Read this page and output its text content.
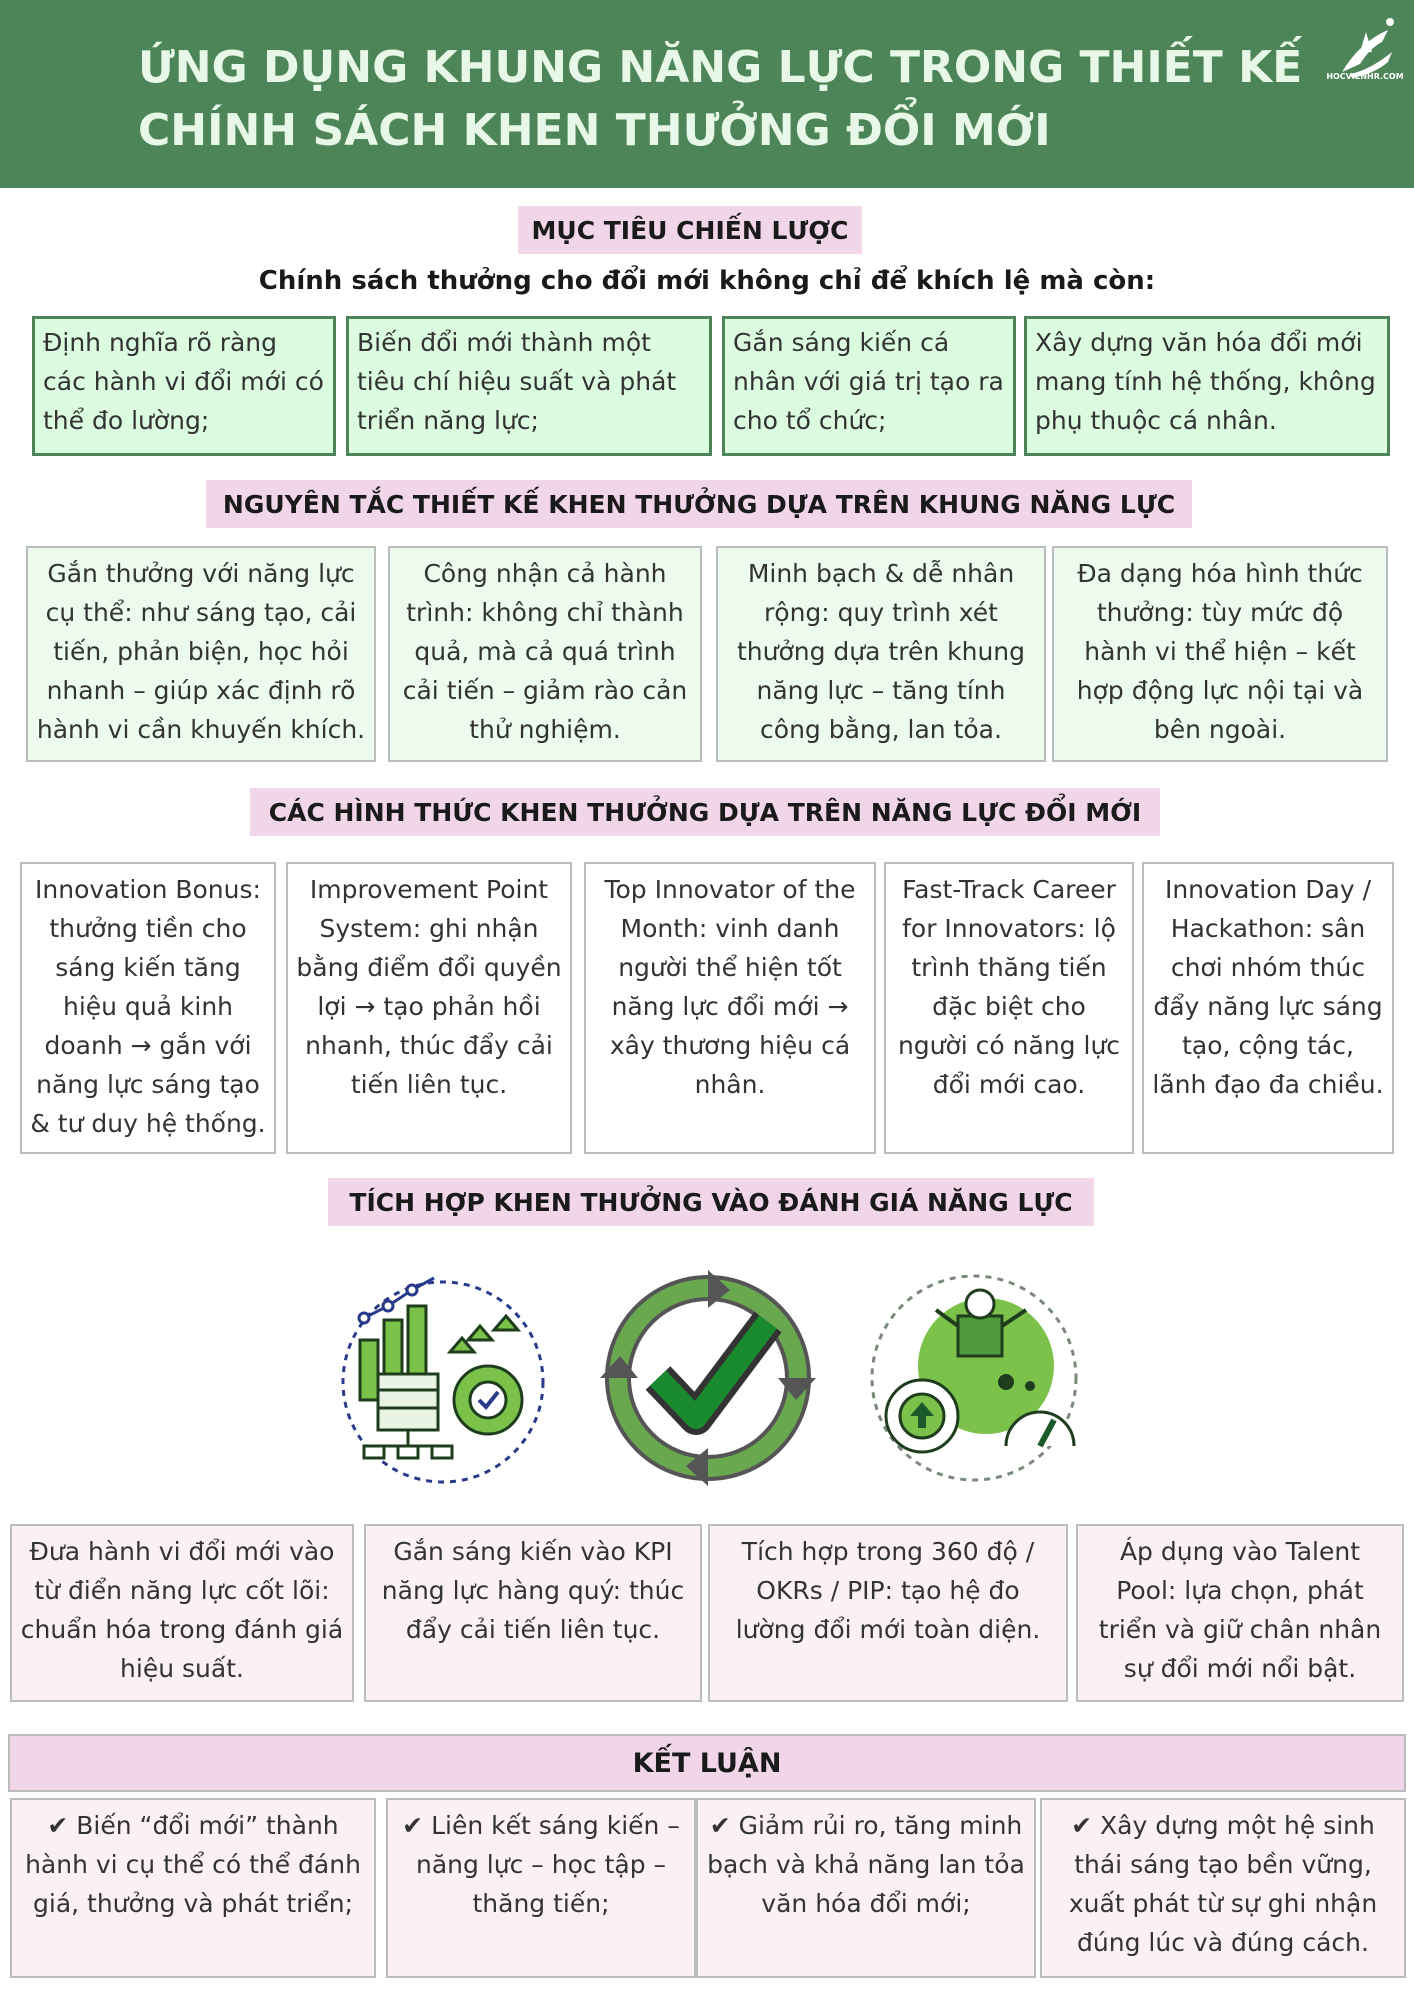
ỨNG DỤNG KHUNG NĂNG LỰC TRONG THIẾT KẾ
CHÍNH SÁCH KHEN THƯỞNG ĐỔI MỚI
HOCVIENHR.COM
MỤC TIÊU CHIẾN LƯỢC
Chính sách thưởng cho đổi mới không chỉ để khích lệ mà còn:
Định nghĩa rõ ràng các hành vi đổi mới có thể đo lường;
Biến đổi mới thành một tiêu chí hiệu suất và phát triển năng lực;
Gắn sáng kiến cá nhân với giá trị tạo ra cho tổ chức;
Xây dựng văn hóa đổi mới mang tính hệ thống, không phụ thuộc cá nhân.
NGUYÊN TẮC THIẾT KẾ KHEN THƯỞNG DỰA TRÊN KHUNG NĂNG LỰC
Gắn thưởng với năng lực cụ thể: như sáng tạo, cải tiến, phản biện, học hỏi nhanh – giúp xác định rõ hành vi cần khuyến khích.
Công nhận cả hành trình: không chỉ thành quả, mà cả quá trình cải tiến – giảm rào cản thử nghiệm.
Minh bạch & dễ nhân rộng: quy trình xét thưởng dựa trên khung năng lực – tăng tính công bằng, lan tỏa.
Đa dạng hóa hình thức thưởng: tùy mức độ hành vi thể hiện – kết hợp động lực nội tại và bên ngoài.
CÁC HÌNH THỨC KHEN THƯỞNG DỰA TRÊN NĂNG LỰC ĐỔI MỚI
Innovation Bonus: thưởng tiền cho sáng kiến tăng hiệu quả kinh doanh → gắn với năng lực sáng tạo & tư duy hệ thống.
Improvement Point System: ghi nhận bằng điểm đổi quyền lợi → tạo phản hồi nhanh, thúc đẩy cải tiến liên tục.
Top Innovator of the Month: vinh danh người thể hiện tốt năng lực đổi mới → xây thương hiệu cá nhân.
Fast-Track Career for Innovators: lộ trình thăng tiến đặc biệt cho người có năng lực đổi mới cao.
Innovation Day / Hackathon: sân chơi nhóm thúc đẩy năng lực sáng tạo, cộng tác, lãnh đạo đa chiều.
TÍCH HỢP KHEN THƯỞNG VÀO ĐÁNH GIÁ NĂNG LỰC
Đưa hành vi đổi mới vào từ điển năng lực cốt lõi: chuẩn hóa trong đánh giá hiệu suất.
Gắn sáng kiến vào KPI năng lực hàng quý: thúc đẩy cải tiến liên tục.
Tích hợp trong 360 độ / OKRs / PIP: tạo hệ đo lường đổi mới toàn diện.
Áp dụng vào Talent Pool: lựa chọn, phát triển và giữ chân nhân sự đổi mới nổi bật.
KẾT LUẬN
✔ Biến “đổi mới” thành hành vi cụ thể có thể đánh giá, thưởng và phát triển;
✔ Liên kết sáng kiến – năng lực – học tập – thăng tiến;
✔ Giảm rủi ro, tăng minh bạch và khả năng lan tỏa văn hóa đổi mới;
✔ Xây dựng một hệ sinh thái sáng tạo bền vững, xuất phát từ sự ghi nhận đúng lúc và đúng cách.
